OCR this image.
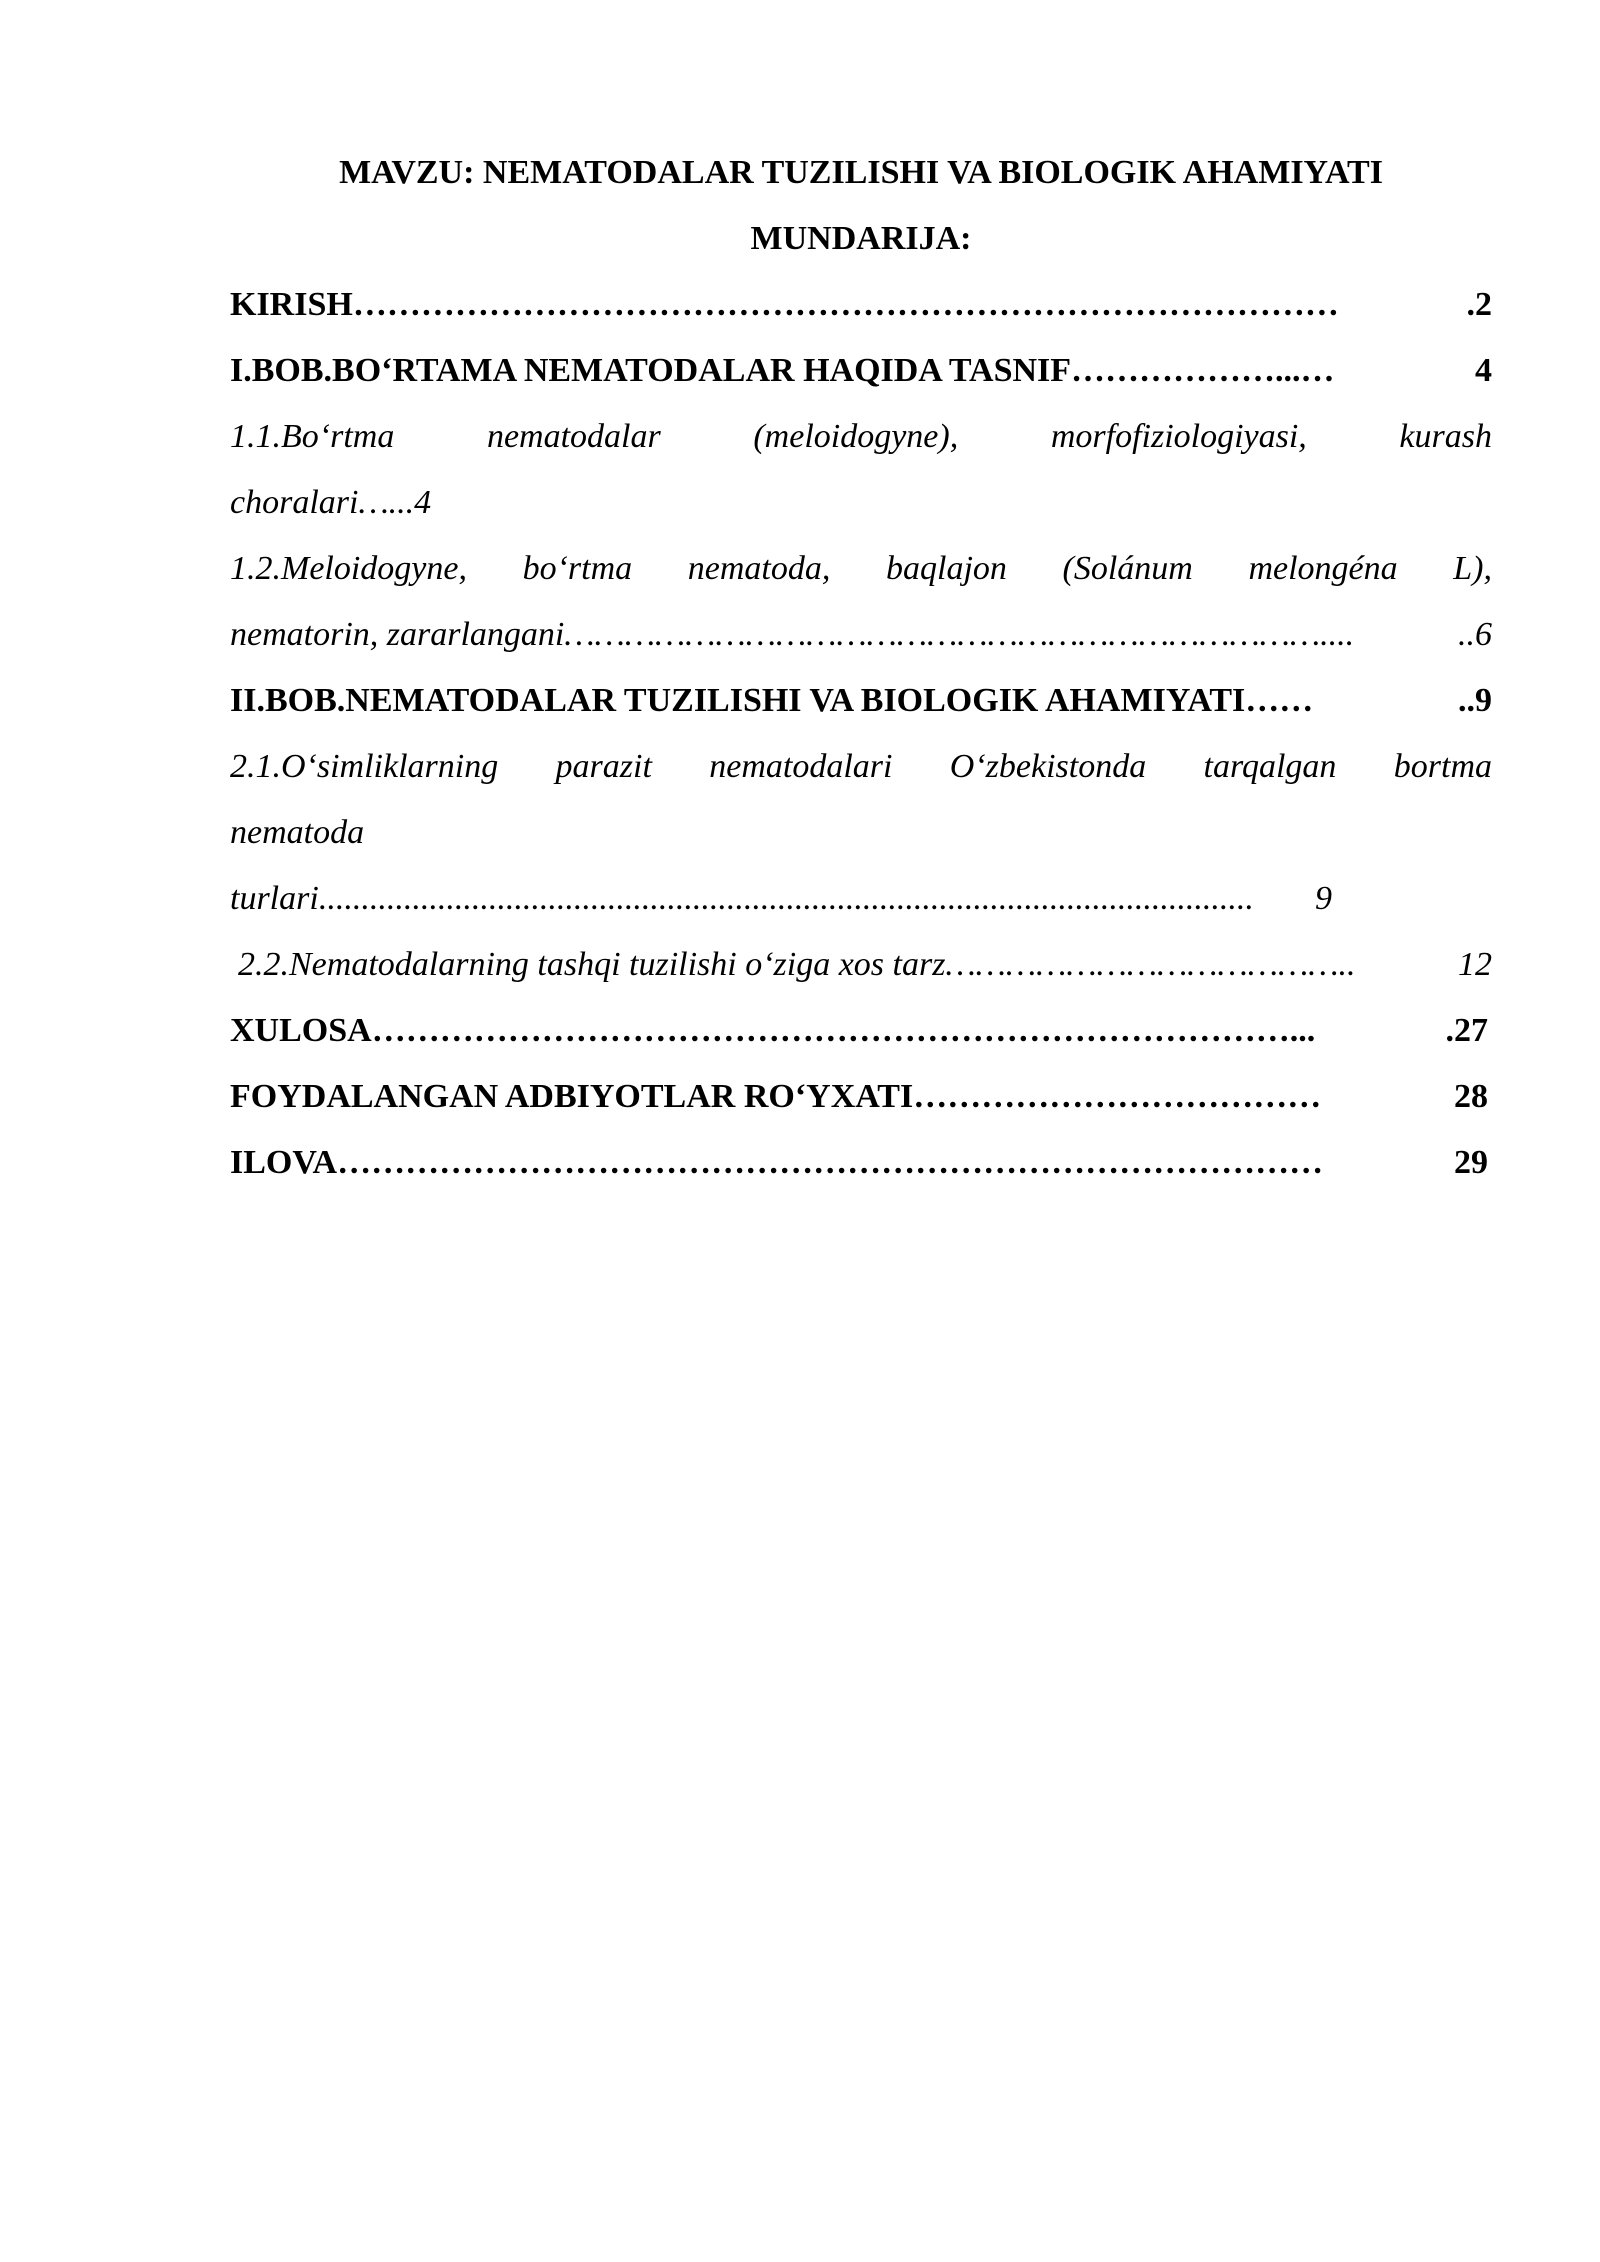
MAVZU: NEMATODALAR TUZILISHI VA BIOLOGIK AHAMIYATI
MUNDARIJA:
KIRISH ……………………………………………………………………………	.2
I.BOB.BO‘RTAMA NEMATODALAR HAQIDA TASNIF ………………...…	4
1.1.Bo‘rtma nematodalar (meloidogyne), morfofiziologiyasi, kurash
choralari…...4
1.2.Meloidogyne, bo‘rtma nematoda, baqlajon (Solánum melongéna L),
nematorin, zararlangani …………………………………………………………………....	..6
II.BOB.NEMATODALAR TUZILISHI VA BIOLOGIK AHAMIYATI ……	..9
2.1.O‘simliklarning parazit nematodalari O‘zbekistonda tarqalgan bortma
nematoda
turlari ..............................................................................................................	9
2.2.Nematodalarning tashqi tuzilishi o‘ziga xos tarz …………………………………..	12
XULOSA ………………………………………………………………………...	.27
FOYDALANGAN ADBIYOTLAR RO‘YXATI ………………………………	28
ILOVA ……………………………………………………………………………	29
